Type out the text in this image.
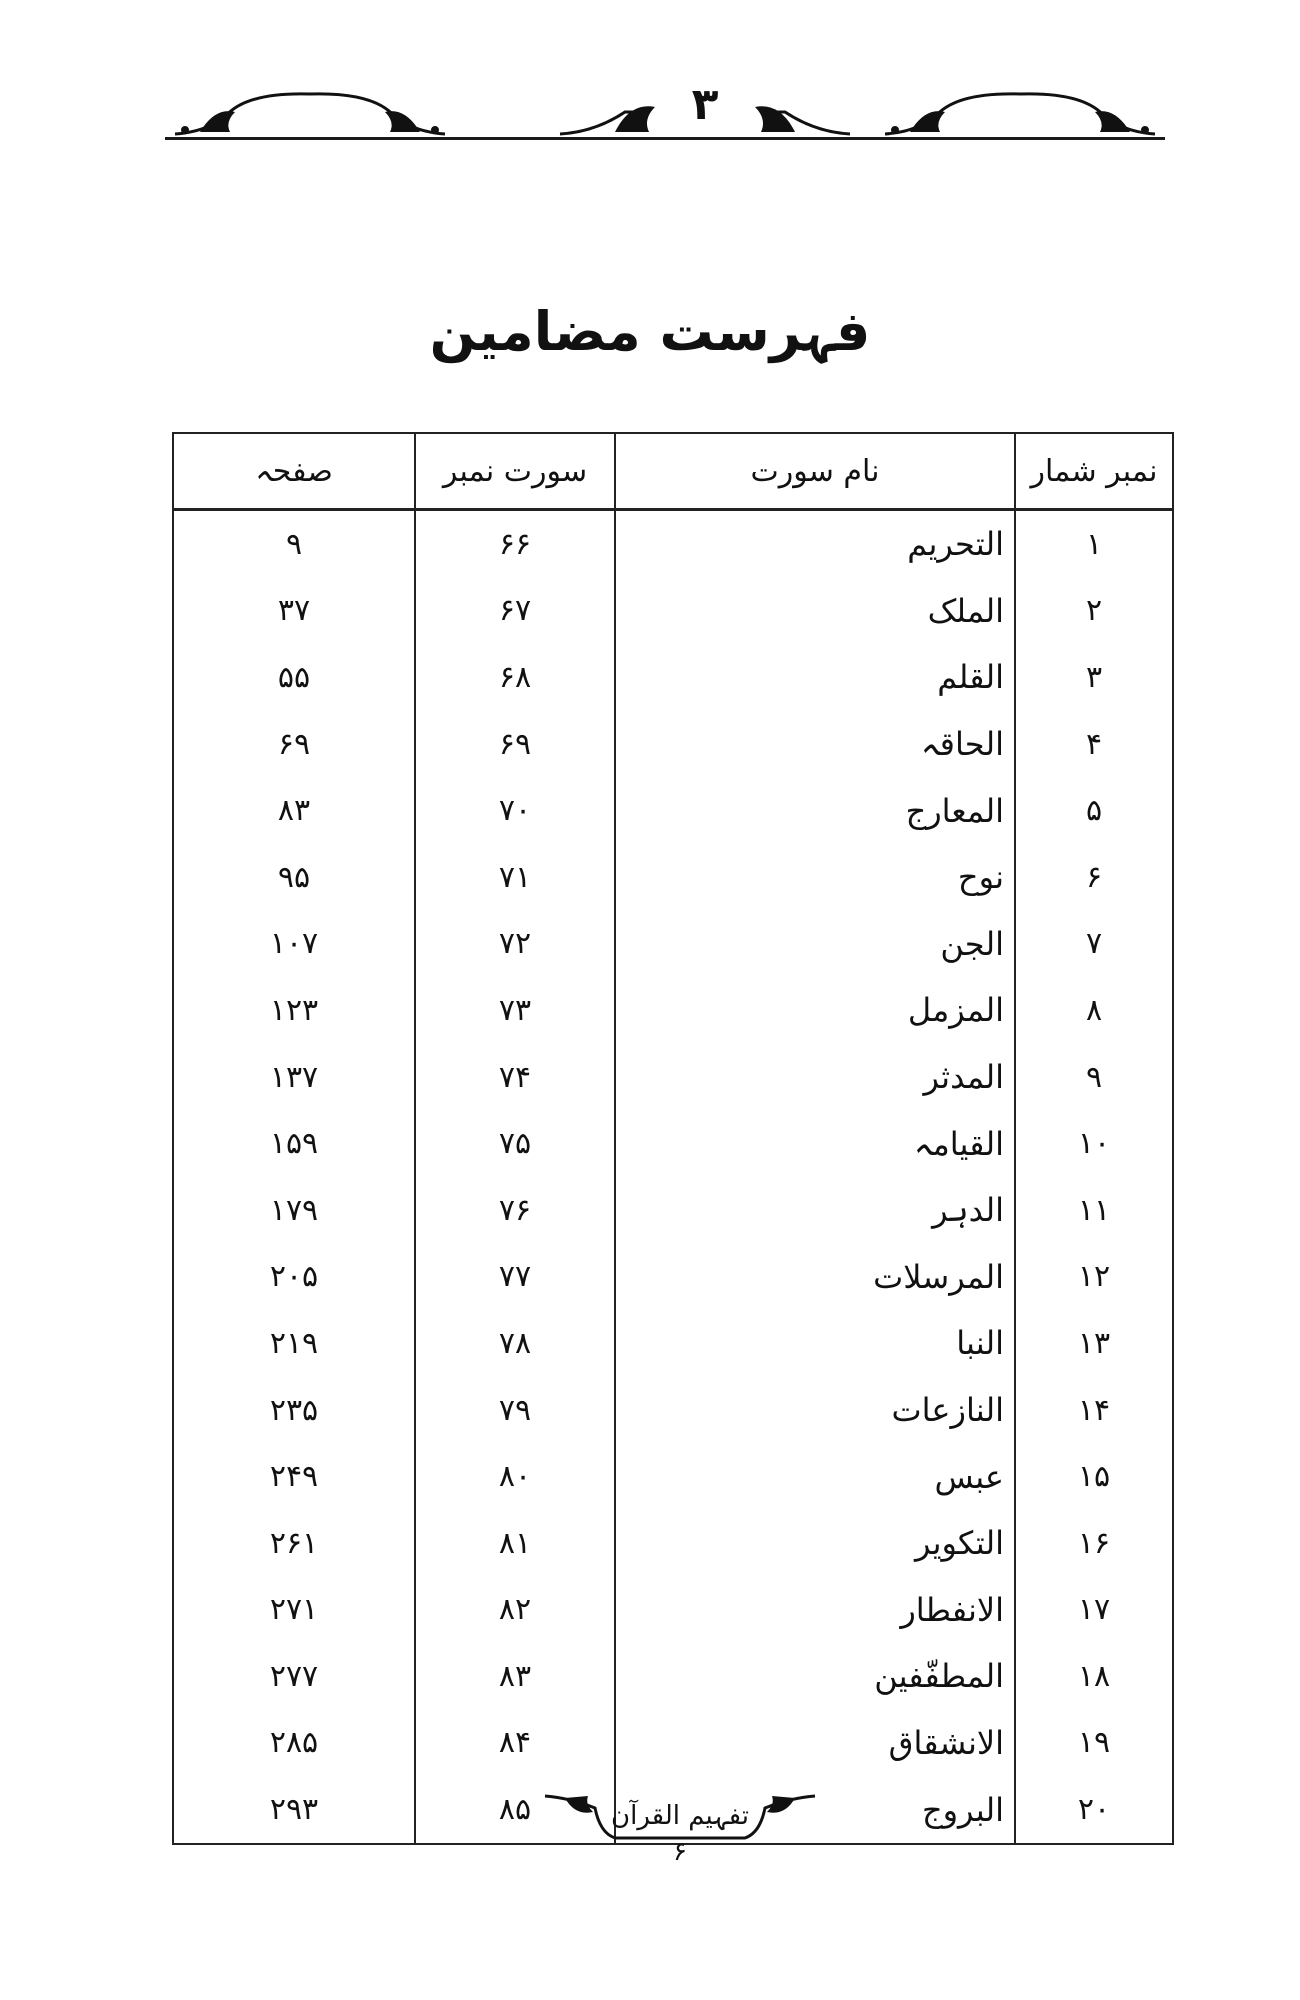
۳
فہرست مضامین
نمبر شمار	نام سورت	سورت نمبر	صفحہ
۱	التحریم	۶۶	۹
۲	الملک	۶۷	۳۷
۳	القلم	۶۸	۵۵
۴	الحاقہ	۶۹	۶۹
۵	المعارج	۷۰	۸۳
۶	نوح	۷۱	۹۵
۷	الجن	۷۲	۱۰۷
۸	المزمل	۷۳	۱۲۳
۹	المدثر	۷۴	۱۳۷
۱۰	القیامہ	۷۵	۱۵۹
۱۱	الدہر	۷۶	۱۷۹
۱۲	المرسلات	۷۷	۲۰۵
۱۳	النبا	۷۸	۲۱۹
۱۴	النازعات	۷۹	۲۳۵
۱۵	عبس	۸۰	۲۴۹
۱۶	التکویر	۸۱	۲۶۱
۱۷	الانفطار	۸۲	۲۷۱
۱۸	المطفّفین	۸۳	۲۷۷
۱۹	الانشقاق	۸۴	۲۸۵
۲۰	البروج	۸۵	۲۹۳	تفہیم القرآن ۶
